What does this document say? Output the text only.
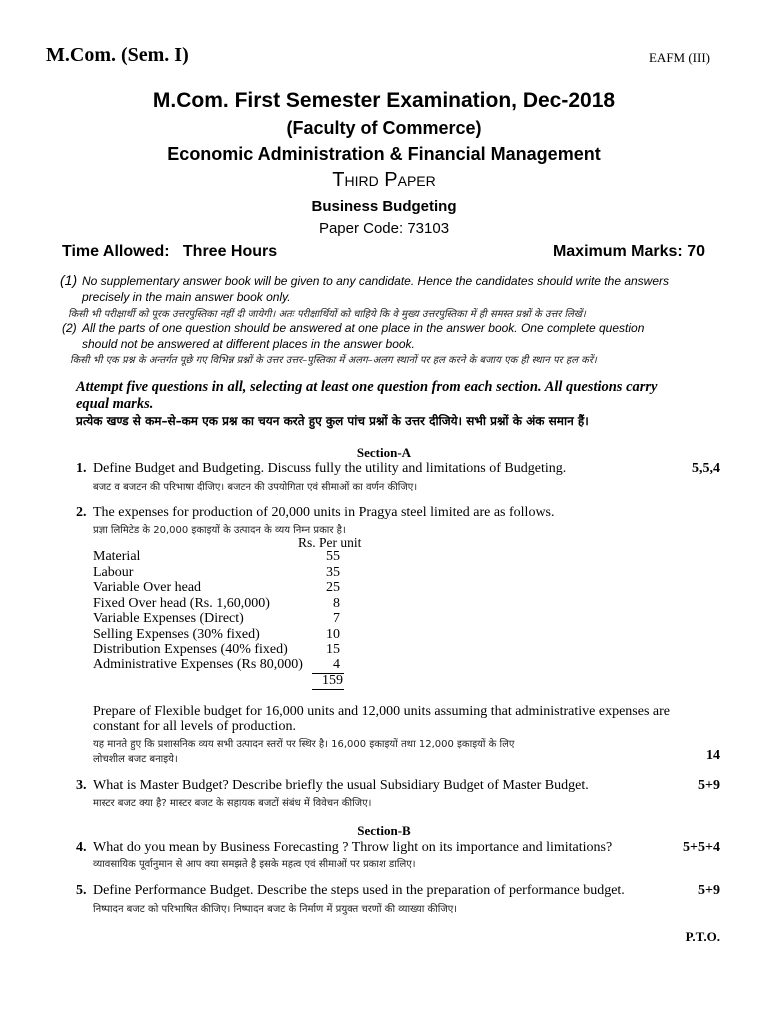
M.Com. (Sem. I)	EAFM (III)
M.Com. First Semester Examination, Dec-2018
(Faculty of Commerce)
Economic Administration & Financial Management
Third Paper
Business Budgeting
Paper Code: 73103
Time Allowed:   Three Hours	Maximum Marks: 70
(1) No supplementary answer book will be given to any candidate. Hence the candidates should write the answers
precisely in the main answer book only.
किसी भी परीक्षार्थी को पूरक उत्तरपुस्तिका नहीं दी जायेगी। अतः परीक्षार्थियों को चाहिये कि वे मुख्य उत्तरपुस्तिका में ही समस्त प्रश्नों के उत्तर लिखें।
(2) All the parts of one question should be answered at one place in the answer book. One complete question
should not be answered at different places in the answer book.
किसी भी एक प्रश्न के अन्तर्गत पूछे गए विभिन्न प्रश्नों के उत्तर उत्तर–पुस्तिका में अलग–अलग स्थानों पर हल करने के बजाय एक ही स्थान पर हल करें।
Attempt five questions in all, selecting at least one question from each section. All questions carry
equal marks.
प्रत्येक खण्ड से कम–से–कम एक प्रश्न का चयन करते हुए कुल पांच प्रश्नों के उत्तर दीजिये। सभी प्रश्नों के अंक समान हैं।
Section-A
1. Define Budget and Budgeting. Discuss fully the utility and limitations of Budgeting.
बजट व बजटन की परिभाषा दीजिए। बजटन की उपयोगिता एवं सीमाओं का वर्णन कीजिए।
5,5,4
2. The expenses for production of 20,000 units in Pragya steel limited are as follows.
प्रज्ञा लिमिटेड के 20,000 इकाइयों के उत्पादन के व्यय निम्न प्रकार है।
Rs. Per unit
Material	55
Labour	35
Variable Over head	25
Fixed Over head (Rs. 1,60,000)	8
Variable Expenses (Direct)	7
Selling Expenses (30% fixed)	10
Distribution Expenses (40% fixed)	15
Administrative Expenses (Rs 80,000)	4
159
Prepare of Flexible budget for 16,000 units and 12,000 units assuming that administrative expenses are
constant for all levels of production.
यह मानते हुए कि प्रशासनिक व्यय सभी उत्पादन स्तरों पर स्थिर है। 16,000 इकाइयों तथा 12,000 इकाइयों के लिए
लोचशील बजट बनाइये।	14
3. What is Master Budget? Describe briefly the usual Subsidiary Budget of Master Budget.
मास्टर बजट क्या है? मास्टर बजट के सहायक बजटों संबंध में विवेचन कीजिए।
5+9
Section-B
4. What do you mean by Business Forecasting ? Throw light on its importance and limitations?
व्यावसायिक पूर्वानुमान से आप क्या समझते है इसके महत्व एवं सीमाओं पर प्रकाश डालिए।
5+5+4
5. Define Performance Budget. Describe the steps used in the preparation of performance budget.
निष्पादन बजट को परिभाषित कीजिए। निष्पादन बजट के निर्माण में प्रयुक्त चरणों की व्याख्या कीजिए।
5+9
P.T.O.
